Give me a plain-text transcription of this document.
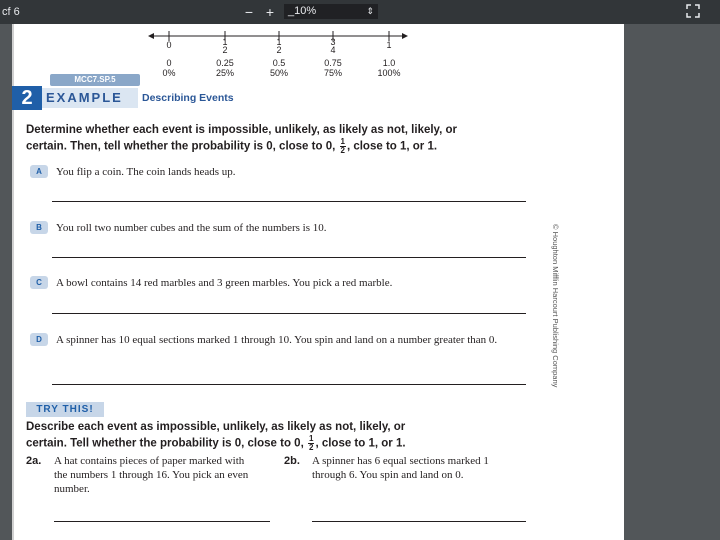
cf 6	− +	_10%	⇕
0	1
2
1
2
3
4	1
0	0.25	0.5	0.75	1.0
0%	25%	50%	75%	100%
MCC7.SP.5
2	EXAMPLE	Describing Events
Determine whether each event is impossible, unlikely, as likely as not, likely, or certain. Then, tell whether the probability is 0, close to 0, $\frac{1}{2}$ , close to 1, or 1.
A	You flip a coin. The coin lands heads up.
B	You roll two number cubes and the sum of the numbers is 10.
C	A bowl contains 14 red marbles and 3 green marbles. You pick a red marble.
D	A spinner has 10 equal sections marked 1 through 10. You spin and land on a number greater than 0.
TRY THIS!
Describe each event as impossible, unlikely, as likely as not, likely, or certain. Tell whether the probability is 0, close to 0, $\frac{1}{2}$ , close to 1, or 1.
2a. A hat contains pieces of paper marked with the numbers 1 through 16. You pick an even number.
2b. A spinner has 6 equal sections marked 1 through 6. You spin and land on 0.
© Houghton Mifflin Harcourt Publishing Company
